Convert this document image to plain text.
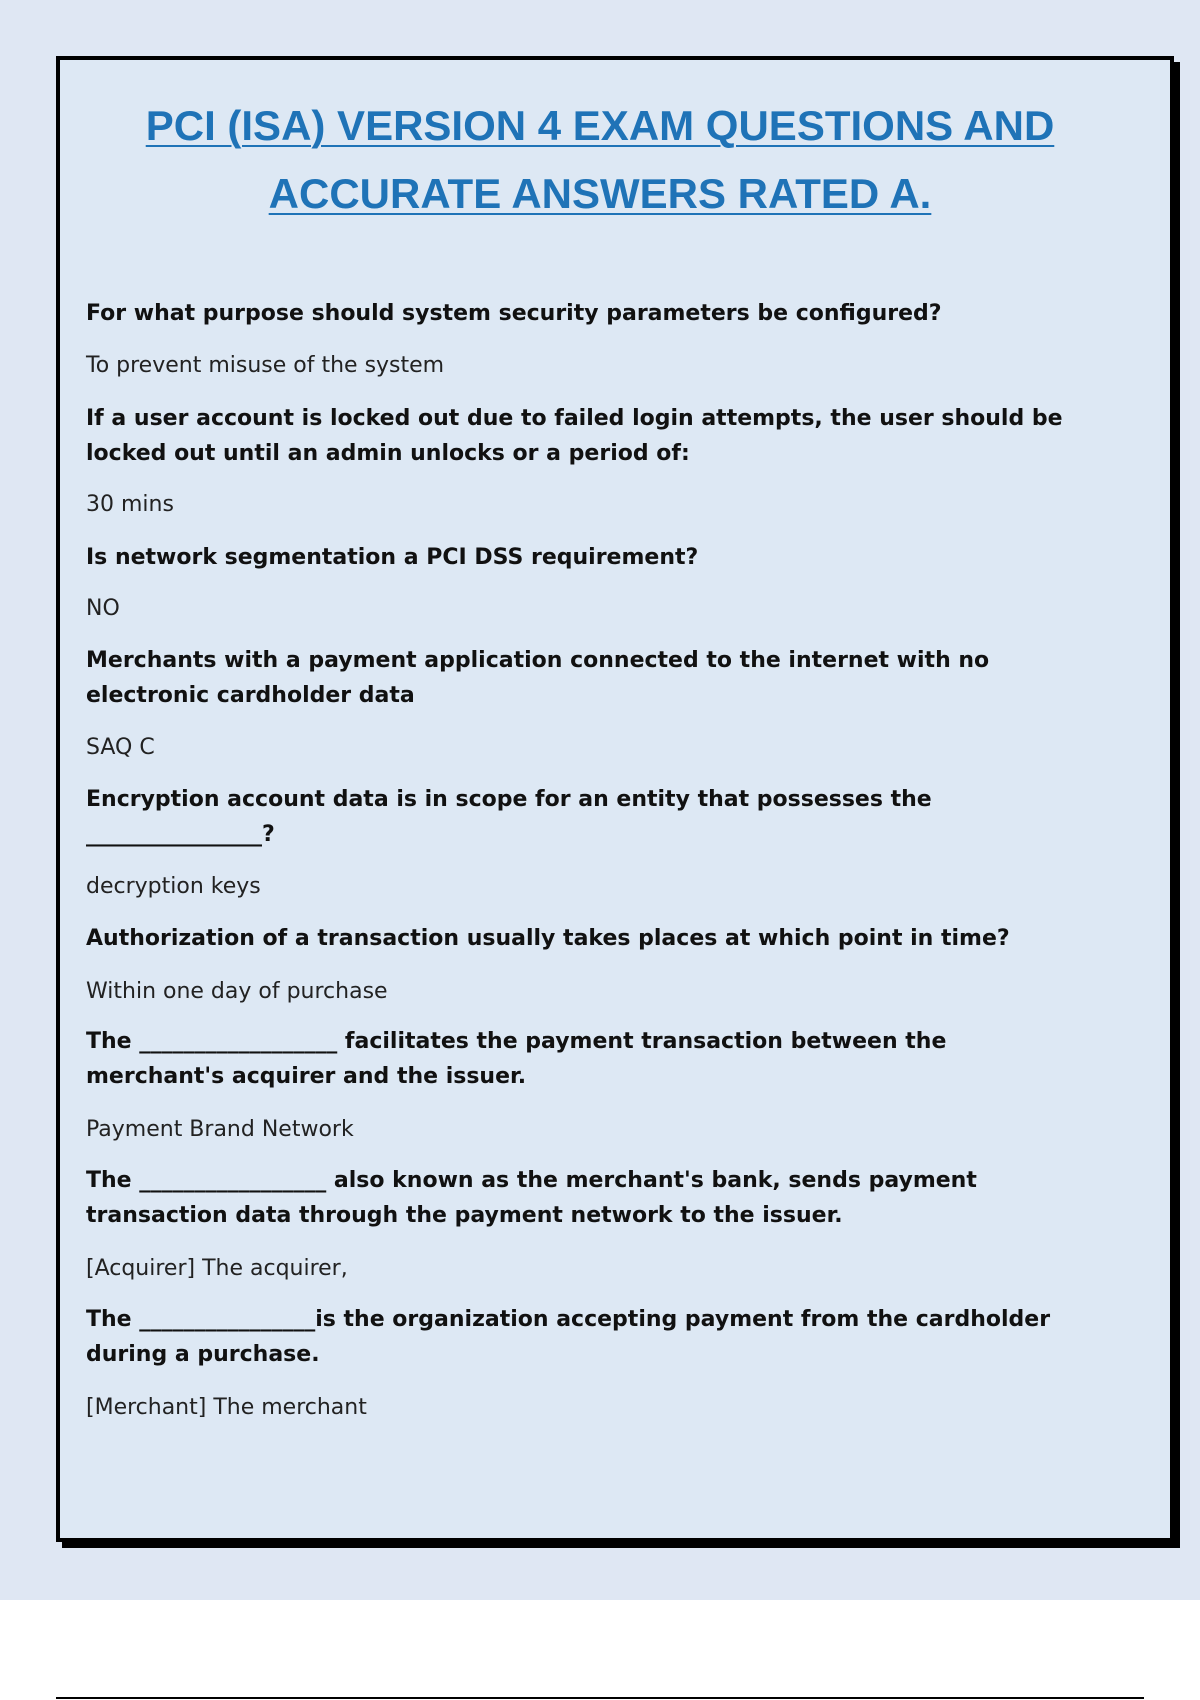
PCI (ISA) VERSION 4 EXAM QUESTIONS AND
ACCURATE ANSWERS RATED A.

For what purpose should system security parameters be configured?

To prevent misuse of the system

If a user account is locked out due to failed login attempts, the user should be locked out until an admin unlocks or a period of:

30 mins

Is network segmentation a PCI DSS requirement?

NO

Merchants with a payment application connected to the internet with no electronic cardholder data

SAQ C

Encryption account data is in scope for an entity that possesses the ________________?

decryption keys

Authorization of a transaction usually takes places at which point in time?

Within one day of purchase

The __________________ facilitates the payment transaction between the merchant's acquirer and the issuer.

Payment Brand Network

The _________________ also known as the merchant's bank, sends payment transaction data through the payment network to the issuer.

[Acquirer] The acquirer,

The ________________is the organization accepting payment from the cardholder during a purchase.

[Merchant] The merchant
